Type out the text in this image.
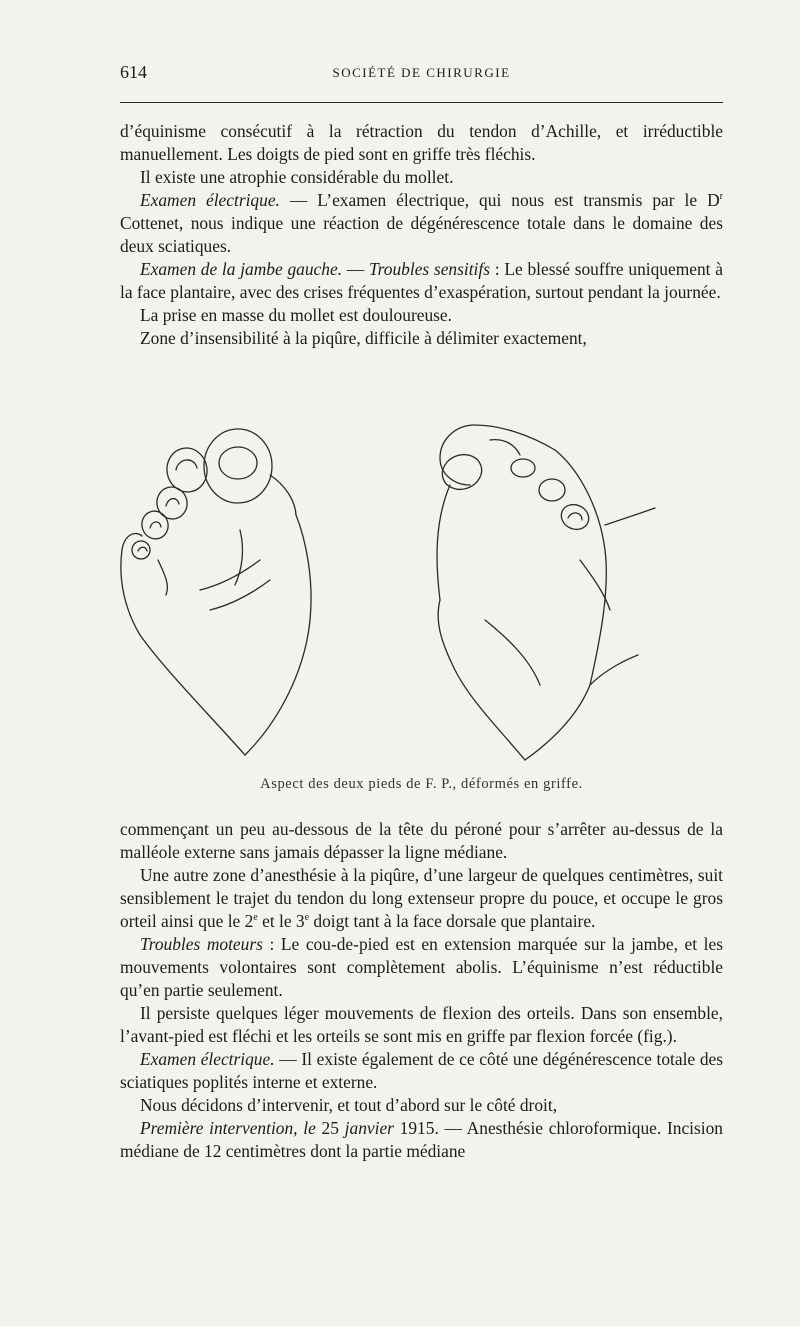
614	SOCIÉTÉ DE CHIRURGIE

d’équinisme consécutif à la rétraction du tendon d’Achille, et irréductible manuellement. Les doigts de pied sont en griffe très fléchis.

Il existe une atrophie considérable du mollet.

Examen électrique. — L’examen électrique, qui nous est transmis par le $D^r$ Cottenet, nous indique une réaction de dégénérescence totale dans le domaine des deux sciatiques.

Examen de la jambe gauche. — Troubles sensitifs : Le blessé souffre uniquement à la face plantaire, avec des crises fréquentes d’exaspération, surtout pendant la journée.

La prise en masse du mollet est douloureuse.

Zone d’insensibilité à la piqûre, difficile à délimiter exactement,

Aspect des deux pieds de F. P., déformés en griffe.

commençant un peu au-dessous de la tête du péroné pour s’arrêter au-dessus de la malléole externe sans jamais dépasser la ligne médiane.

Une autre zone d’anesthésie à la piqûre, d’une largeur de quelques centimètres, suit sensiblement le trajet du tendon du long extenseur propre du pouce, et occupe le gros orteil ainsi que le 2e et le 3e doigt tant à la face dorsale que plantaire.

Troubles moteurs : Le cou-de-pied est en extension marquée sur la jambe, et les mouvements volontaires sont complètement abolis. L’équinisme n’est réductible qu’en partie seulement.

Il persiste quelques léger mouvements de flexion des orteils. Dans son ensemble, l’avant-pied est fléchi et les orteils se sont mis en griffe par flexion forcée (fig.).

Examen électrique. — Il existe également de ce côté une dégénérescence totale des sciatiques poplités interne et externe.

Nous décidons d’intervenir, et tout d’abord sur le côté droit,

Première intervention, le 25 janvier 1915. — Anesthésie chloroformique. Incision médiane de 12 centimètres dont la partie médiane
